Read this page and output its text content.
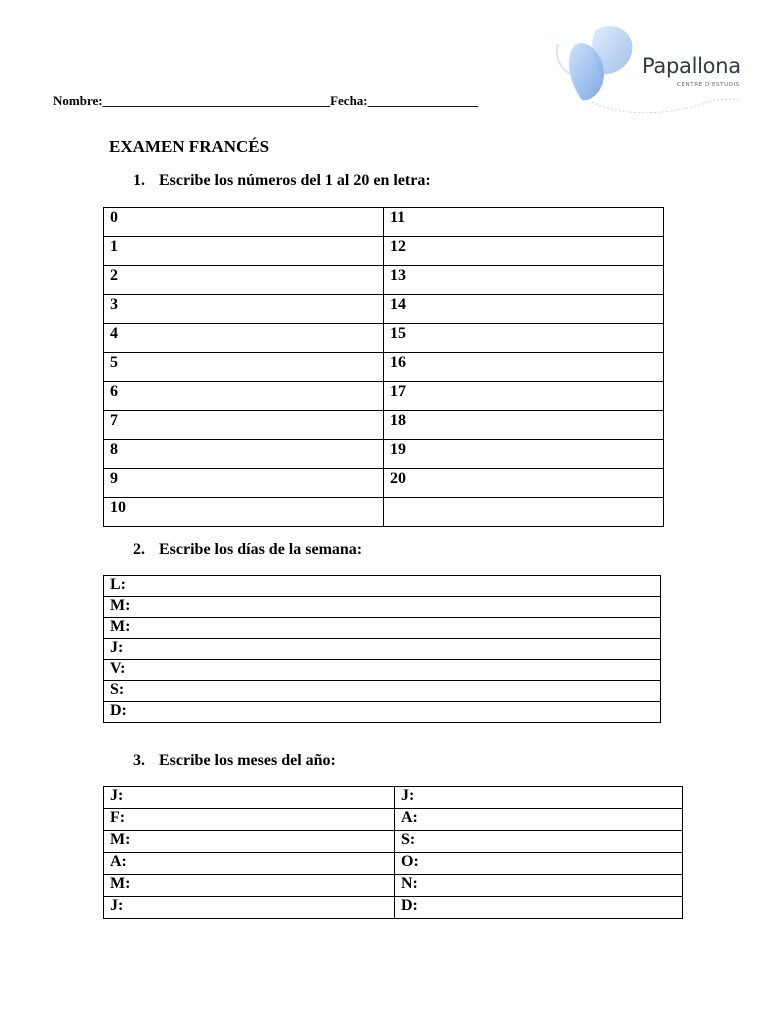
Nombre:___________________________________Fecha:_________________
Papallona
CENTRE D'ESTUDIS
EXAMEN FRANCÉS
1. Escribe los números del 1 al 20 en letra:
0	11
1	12
2	13
3	14
4	15
5	16
6	17
7	18
8	19
9	20
10	
2. Escribe los días de la semana:
L:
M:
M:
J:
V:
S:
D:
3. Escribe los meses del año:
J:	J:
F:	A:
M:	S:
A:	O:
M:	N:
J:	D:
